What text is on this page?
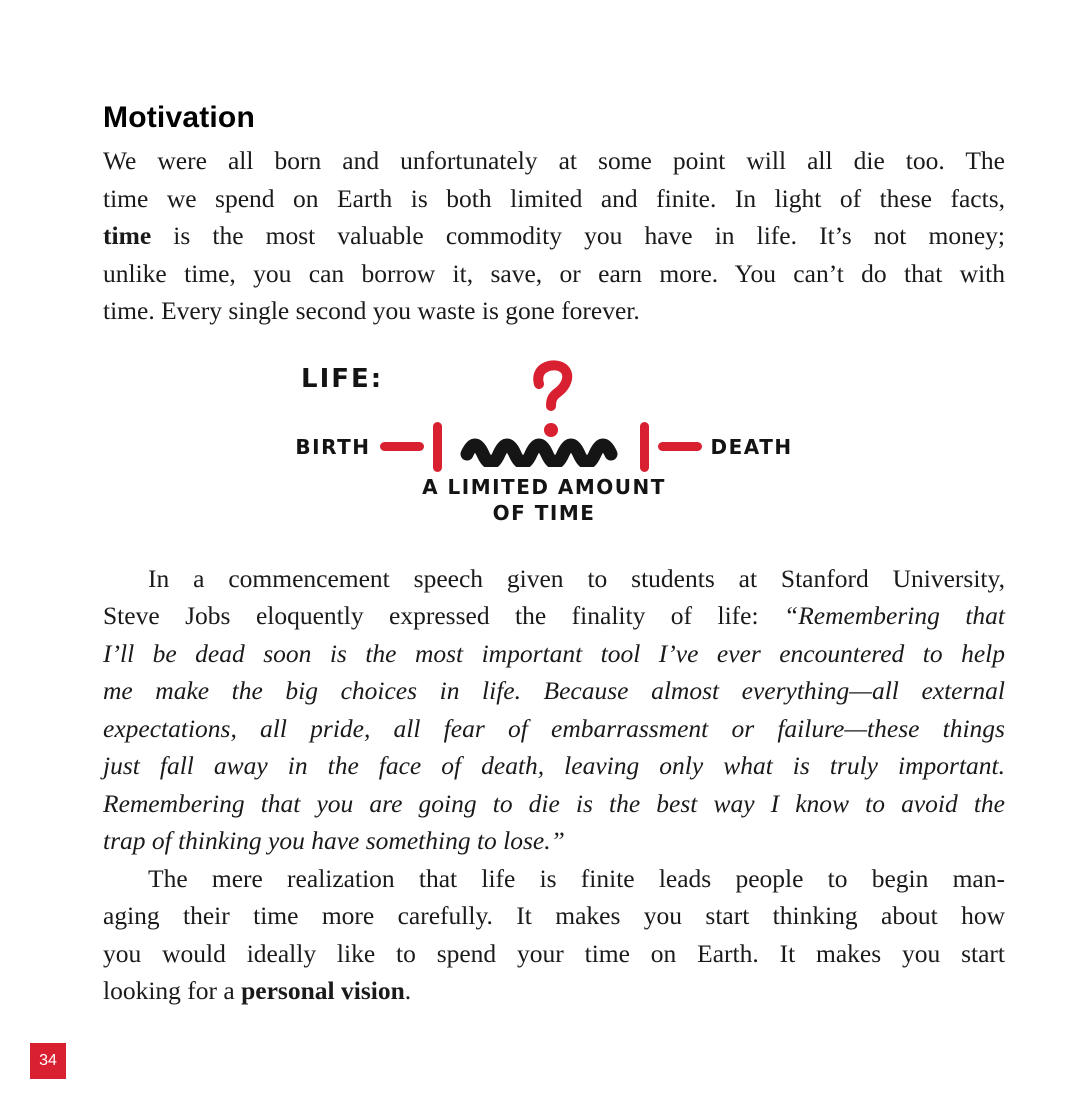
Motivation
We were all born and unfortunately at some point will all die too. The
time we spend on Earth is both limited and finite. In light of these facts,
time is the most valuable commodity you have in life. It’s not money;
unlike time, you can borrow it, save, or earn more. You can’t do that with
time. Every single second you waste is gone forever.
LIFE:
BIRTH	DEATH
A LIMITED AMOUNT
OF TIME
In a commencement speech given to students at Stanford University,
Steve Jobs eloquently expressed the finality of life: “Remembering that
I’ll be dead soon is the most important tool I’ve ever encountered to help
me make the big choices in life. Because almost everything—all external
expectations, all pride, all fear of embarrassment or failure—these things
just fall away in the face of death, leaving only what is truly important.
Remembering that you are going to die is the best way I know to avoid the
trap of thinking you have something to lose.”
The mere realization that life is finite leads people to begin man-
aging their time more carefully. It makes you start thinking about how
you would ideally like to spend your time on Earth. It makes you start
looking for a personal vision.
34
